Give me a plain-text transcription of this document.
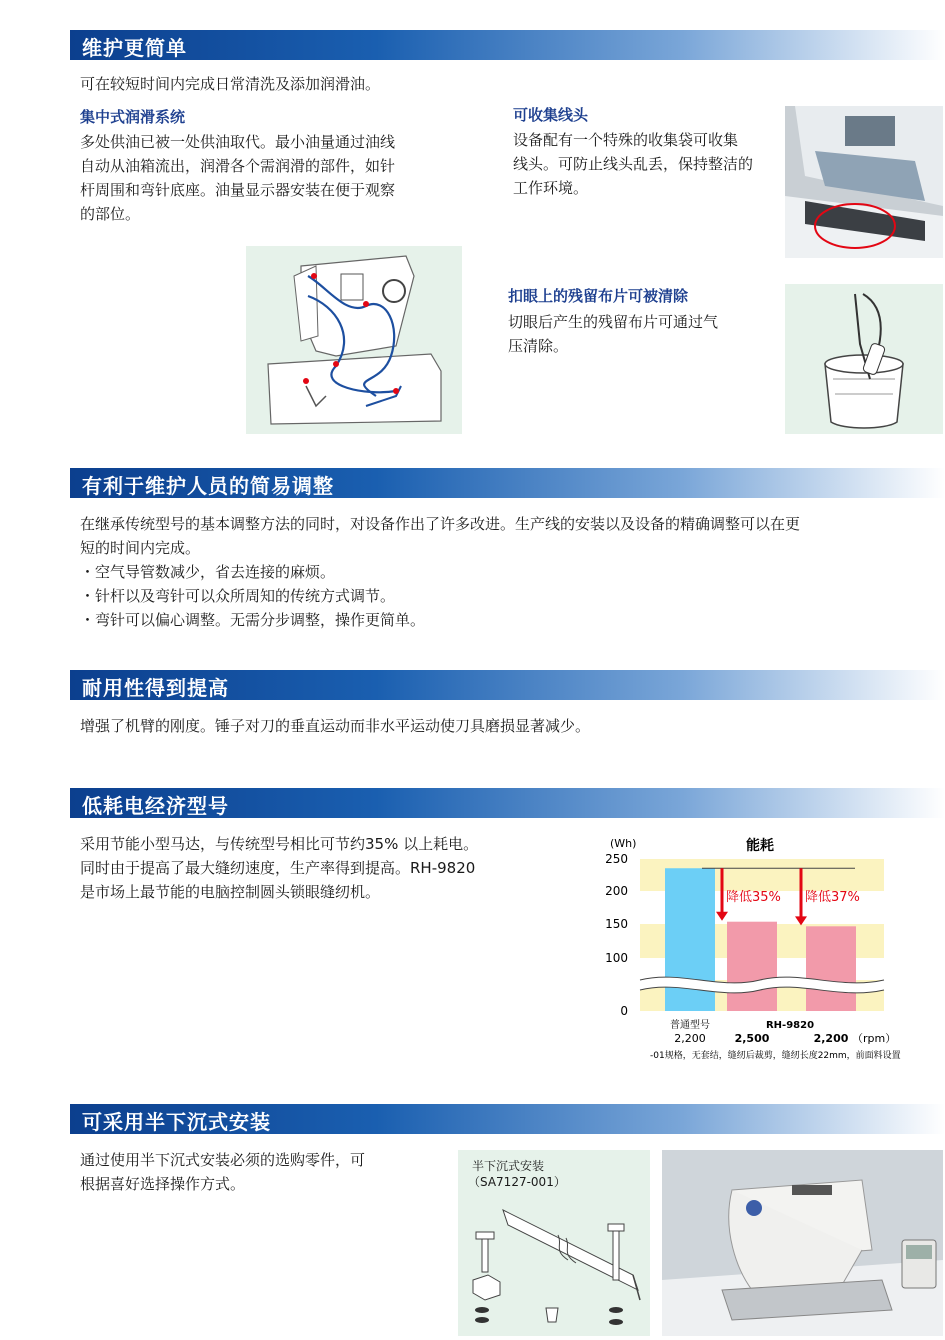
维护更简单
可在较短时间内完成日常清洗及添加润滑油。
集中式润滑系统
多处供油已被一处供油取代。最小油量通过油线
自动从油箱流出，润滑各个需润滑的部件，如针
杆周围和弯针底座。油量显示器安装在便于观察
的部位。
可收集线头
设备配有一个特殊的收集袋可收集
线头。可防止线头乱丢，保持整洁的
工作环境。
扣眼上的残留布片可被清除
切眼后产生的残留布片可通过气
压清除。
有利于维护人员的简易调整
在继承传统型号的基本调整方法的同时，对设备作出了许多改进。生产线的安装以及设备的精确调整可以在更
短的时间内完成。
・空气导管数减少，省去连接的麻烦。
・针杆以及弯针可以众所周知的传统方式调节。
・弯针可以偏心调整。无需分步调整，操作更简单。
耐用性得到提高
增强了机臂的刚度。锤子对刀的垂直运动而非水平运动使刀具磨损显著减少。
低耗电经济型号
采用节能小型马达，与传统型号相比可节约35% 以上耗电。
同时由于提高了最大缝纫速度，生产率得到提高。RH-9820
是市场上最节能的电脑控制圆头锁眼缝纫机。
能耗
(Wh)
250
200
150
100
0
降低35% 降低37%
普通型号	RH-9820
2,200	2,500	2,200 （rpm）
-01规格，无套结，缝纫后裁剪，缝纫长度22mm，前面料设置
可采用半下沉式安装
通过使用半下沉式安装必须的选购零件，可
根据喜好选择操作方式。
半下沉式安装
（SA7127-001）
